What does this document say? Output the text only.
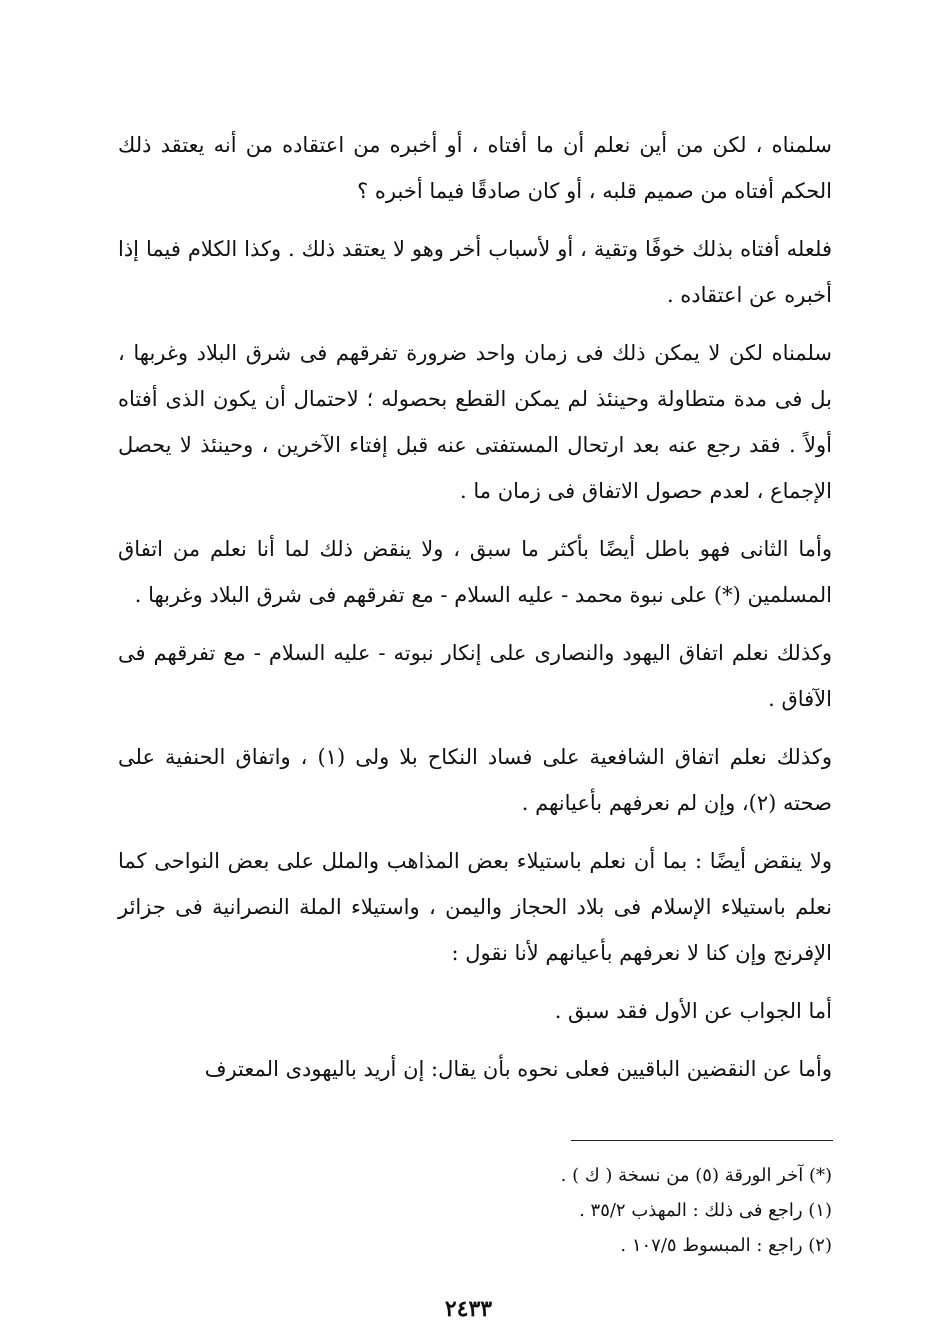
سلمناه ، لكن من أين نعلم أن ما أفتاه ، أو أخبره من اعتقاده من أنه يعتقد ذلك الحكم أفتاه من صميم قلبه ، أو كان صادقًا فيما أخبره ؟

فلعله أفتاه بذلك خوفًا وتقية ، أو لأسباب أخر وهو لا يعتقد ذلك . وكذا الكلام فيما إذا أخبره عن اعتقاده .

سلمناه لكن لا يمكن ذلك فى زمان واحد ضرورة تفرقهم فى شرق البلاد وغربها ، بل فى مدة متطاولة وحينئذ لم يمكن القطع بحصوله ؛ لاحتمال أن يكون الذى أفتاه أولاً . فقد رجع عنه بعد ارتحال المستفتى عنه قبل إفتاء الآخرين ، وحينئذ لا يحصل الإجماع ، لعدم حصول الاتفاق فى زمان ما .

وأما الثانى فهو باطل أيضًا بأكثر ما سبق ، ولا ينقض ذلك لما أنا نعلم من اتفاق المسلمين (*) على نبوة محمد - عليه السلام - مع تفرقهم فى شرق البلاد وغربها .

وكذلك نعلم اتفاق اليهود والنصارى على إنكار نبوته - عليه السلام - مع تفرقهم فى الآفاق .

وكذلك نعلم اتفاق الشافعية على فساد النكاح بلا ولى (١) ، واتفاق الحنفية على صحته (٢)، وإن لم نعرفهم بأعيانهم .

ولا ينقض أيضًا : بما أن نعلم باستيلاء بعض المذاهب والملل على بعض النواحى كما نعلم باستيلاء الإسلام فى بلاد الحجاز واليمن ، واستيلاء الملة النصرانية فى جزائر الإفرنج وإن كنا لا نعرفهم بأعيانهم لأنا نقول :

أما الجواب عن الأول فقد سبق .

وأما عن النقضين الباقيين فعلى نحوه بأن يقال: إن أريد باليهودى المعترف

(*) آخر الورقة (٥) من نسخة ( ك ) .

(١) راجع فى ذلك : المهذب ٣٥/٢ .

(٢) راجع : المبسوط ١٠٧/٥ .

٢٤٣٣
